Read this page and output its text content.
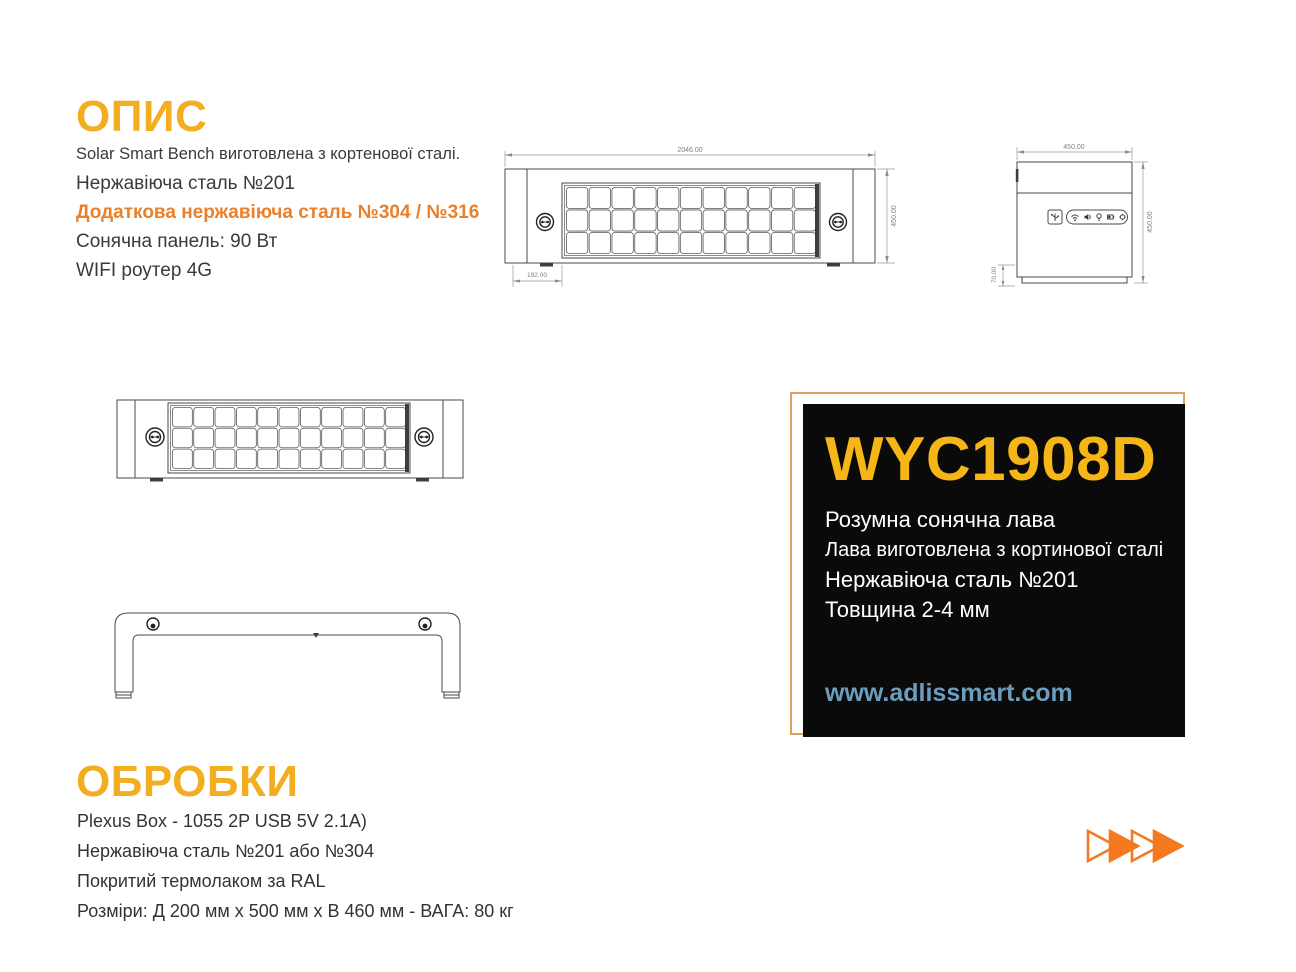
ОПИС
Solar Smart Bench виготовлена з кортенової сталі.
Нержавіюча сталь №201
Додаткова нержавіюча сталь №304 / №316
Сонячна панель: 90 Вт
WIFI роутер 4G
2046.00
450.00
192.00
450.00
450.00
70.00
WYC1908D
Розумна сонячна лава
Лава виготовлена з кортинової сталі
Нержавіюча сталь №201
Товщина 2-4 мм
www.adlissmart.com
ОБРОБКИ
Plexus Box - 1055 2P USB 5V 2.1A)
Нержавіюча сталь №201 або №304
Покритий термолаком за RAL
Розміри: Д 200 мм х 500 мм х В 460 мм - ВАГА: 80 кг
